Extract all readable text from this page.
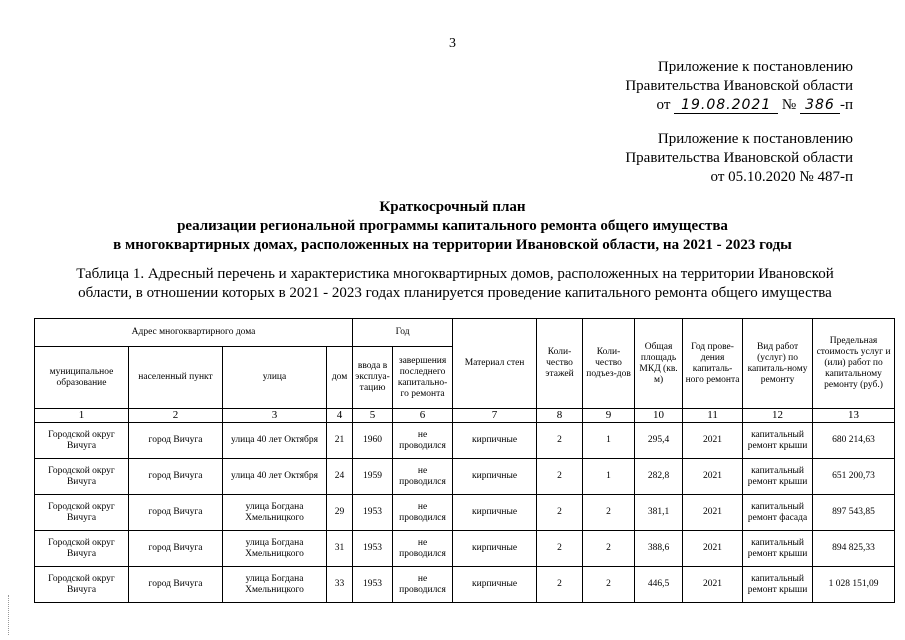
3
Приложение к постановлению
Правительства Ивановской области
от 19.08.2021 № 386 -п
Приложение к постановлению
Правительства Ивановской области
от 05.10.2020 № 487-п
Краткосрочный план
реализации региональной программы капитального ремонта общего имущества
в многоквартирных домах, расположенных на территории Ивановской области, на 2021 - 2023 годы
Таблица 1. Адресный перечень и характеристика многоквартирных домов, расположенных на территории Ивановской
области, в отношении которых в 2021 - 2023 годах планируется проведение капитального ремонта общего имущества
Адрес многоквартирного дома				Год		Материал стен	Коли-чество этажей	Коли-чество подъез-дов	Общая площадь МКД (кв. м)	Год прове-дения капиталь-ного ремонта	Вид работ (услуг) по капиталь-ному ремонту	Предельная стоимость услуг и (или) работ по капитальному ремонту (руб.)
муниципальное образование	населенный пункт	улица	дом	ввода в эксплуа-тацию	завершения последнего капитально-го ремонта							
1	2	3	4	5	6	7	8	9	10	11	12	13
Городской округ Вичуга	город Вичуга	улица 40 лет Октября	21	1960	не проводился	кирпичные	2	1	295,4	2021	капитальный ремонт крыши	680 214,63
Городской округ Вичуга	город Вичуга	улица 40 лет Октября	24	1959	не проводился	кирпичные	2	1	282,8	2021	капитальный ремонт крыши	651 200,73
Городской округ Вичуга	город Вичуга	улица Богдана Хмельницкого	29	1953	не проводился	кирпичные	2	2	381,1	2021	капитальный ремонт фасада	897 543,85
Городской округ Вичуга	город Вичуга	улица Богдана Хмельницкого	31	1953	не проводился	кирпичные	2	2	388,6	2021	капитальный ремонт крыши	894 825,33
Городской округ Вичуга	город Вичуга	улица Богдана Хмельницкого	33	1953	не проводился	кирпичные	2	2	446,5	2021	капитальный ремонт крыши	1 028 151,09
